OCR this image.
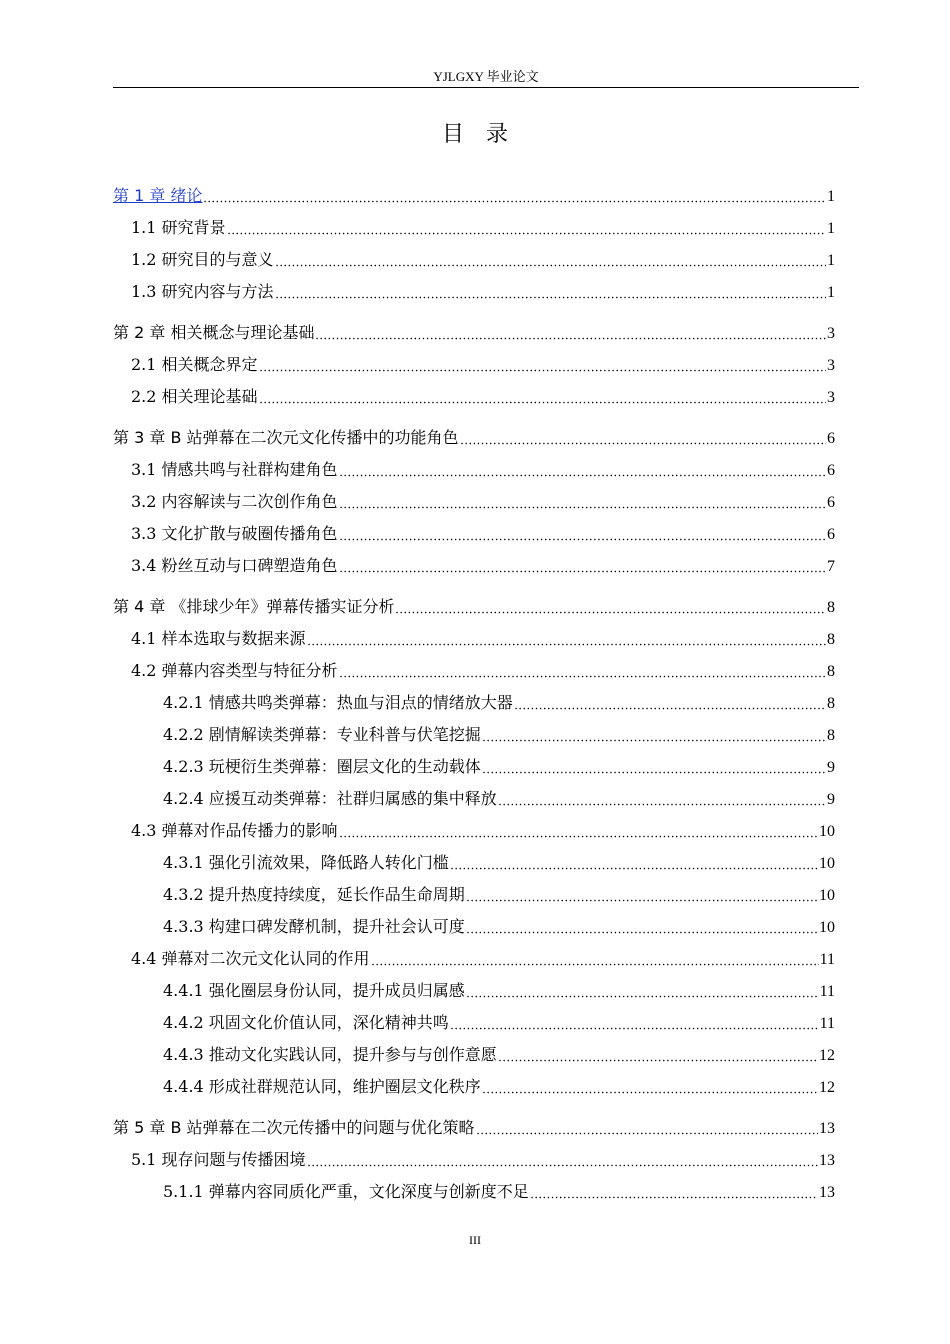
YJLGXY 毕业论文
目录
第 1 章 绪论	1
1.1 研究背景	1
1.2 研究目的与意义	1
1.3 研究内容与方法	1
第 2 章 相关概念与理论基础	3
2.1 相关概念界定	3
2.2 相关理论基础	3
第 3 章 B 站弹幕在二次元文化传播中的功能角色	6
3.1 情感共鸣与社群构建角色	6
3.2 内容解读与二次创作角色	6
3.3 文化扩散与破圈传播角色	6
3.4 粉丝互动与口碑塑造角色	7
第 4 章 《排球少年》弹幕传播实证分析	8
4.1 样本选取与数据来源	8
4.2 弹幕内容类型与特征分析	8
4.2.1 情感共鸣类弹幕：热血与泪点的情绪放大器	8
4.2.2 剧情解读类弹幕：专业科普与伏笔挖掘	8
4.2.3 玩梗衍生类弹幕：圈层文化的生动载体	9
4.2.4 应援互动类弹幕：社群归属感的集中释放	9
4.3 弹幕对作品传播力的影响	10
4.3.1 强化引流效果，降低路人转化门槛	10
4.3.2 提升热度持续度，延长作品生命周期	10
4.3.3 构建口碑发酵机制，提升社会认可度	10
4.4 弹幕对二次元文化认同的作用	11
4.4.1 强化圈层身份认同，提升成员归属感	11
4.4.2 巩固文化价值认同，深化精神共鸣	11
4.4.3 推动文化实践认同，提升参与与创作意愿	12
4.4.4 形成社群规范认同，维护圈层文化秩序	12
第 5 章 B 站弹幕在二次元传播中的问题与优化策略	13
5.1 现存问题与传播困境	13
5.1.1 弹幕内容同质化严重，文化深度与创新度不足	13
III
